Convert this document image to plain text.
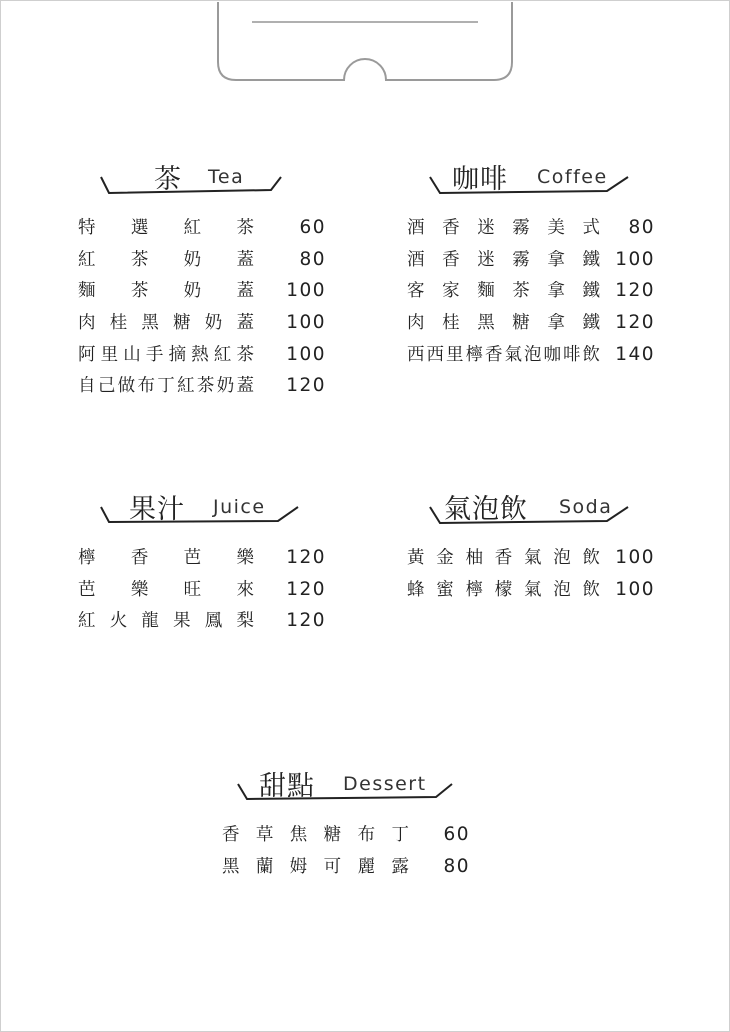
茶 Tea
特 選 紅 茶 60
紅 茶 奶 蓋 80
麵 茶 奶 蓋 100
肉 桂 黑 糖 奶 蓋 100
阿 里 山 手 摘 熱 紅 茶 100
自 己 做 布 丁 紅 茶 奶 蓋 120
咖啡 Coffee
酒 香 迷 霧 美 式 80
酒 香 迷 霧 拿 鐵 100
客 家 麵 茶 拿 鐵 120
肉 桂 黑 糖 拿 鐵 120
西 西 里 檸 香 氣 泡 咖 啡 飲 140
果汁 Juice
檸 香 芭 樂 120
芭 樂 旺 來 120
紅 火 龍 果 鳳 梨 120
氣泡飲 Soda
黃 金 柚 香 氣 泡 飲 100
蜂 蜜 檸 檬 氣 泡 飲 100
甜點 Dessert
香 草 焦 糖 布 丁 60
黑 蘭 姆 可 麗 露 80
